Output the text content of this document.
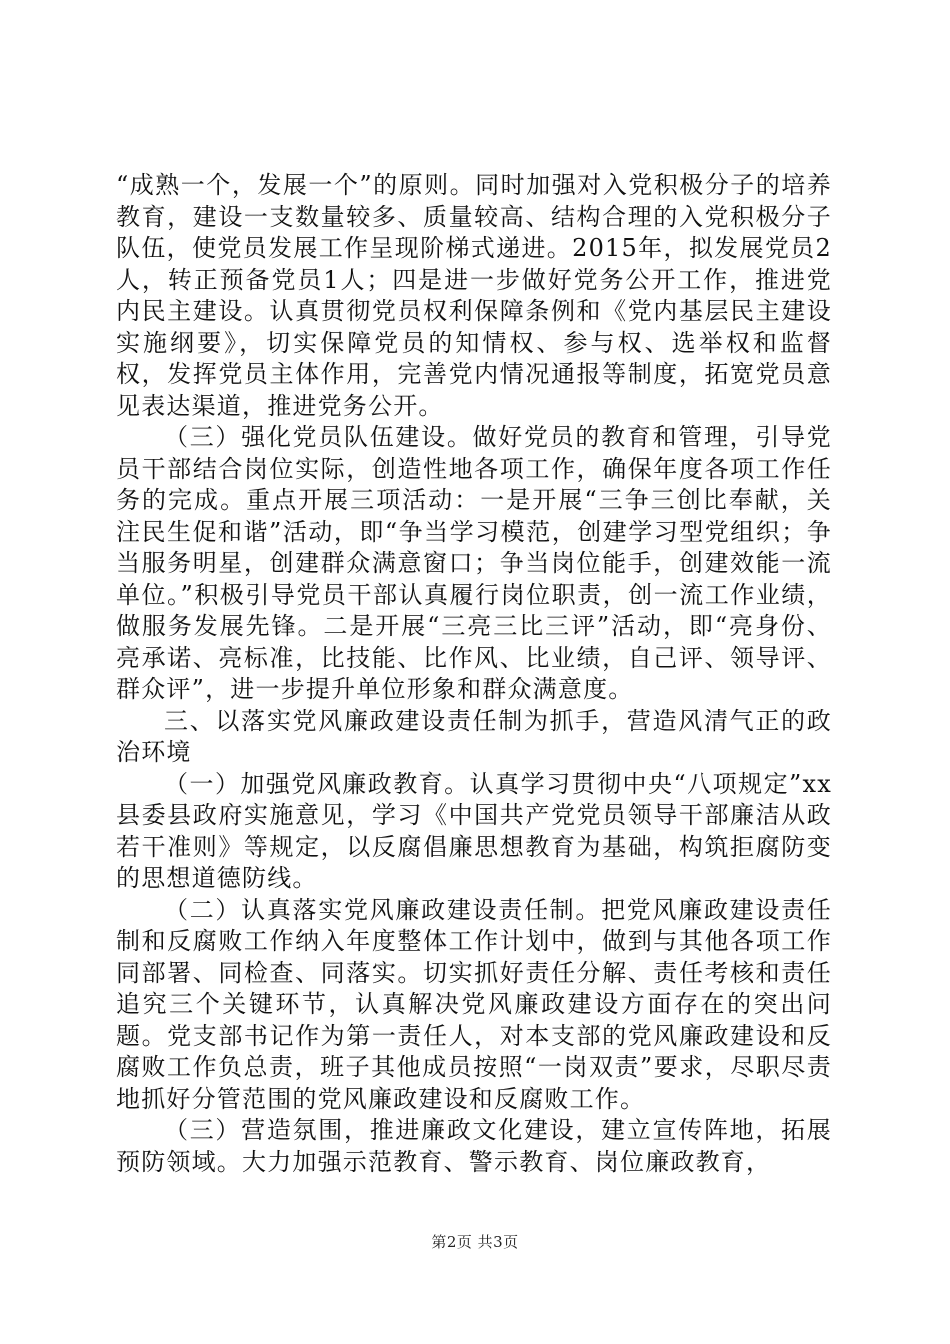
“成熟一个，发展一个”的原则。同时加强对入党积极分子的培养教育，建设一支数量较多、质量较高、结构合理的入党积极分子队伍，使党员发展工作呈现阶梯式递进。2015年，拟发展党员2人，转正预备党员1人；四是进一步做好党务公开工作，推进党内民主建设。认真贯彻党员权利保障条例和《党内基层民主建设实施纲要》，切实保障党员的知情权、参与权、选举权和监督权，发挥党员主体作用，完善党内情况通报等制度，拓宽党员意见表达渠道，推进党务公开。

（三）强化党员队伍建设。做好党员的教育和管理，引导党员干部结合岗位实际，创造性地各项工作，确保年度各项工作任务的完成。重点开展三项活动：一是开展“三争三创比奉献，关注民生促和谐”活动，即“争当学习模范，创建学习型党组织；争当服务明星，创建群众满意窗口；争当岗位能手，创建效能一流单位。”积极引导党员干部认真履行岗位职责，创一流工作业绩，做服务发展先锋。二是开展“三亮三比三评”活动，即“亮身份、亮承诺、亮标准，比技能、比作风、比业绩，自己评、领导评、群众评”，进一步提升单位形象和群众满意度。

三、以落实党风廉政建设责任制为抓手，营造风清气正的政治环境

（一）加强党风廉政教育。认真学习贯彻中央“八项规定”xx县委县政府实施意见，学习《中国共产党党员领导干部廉洁从政若干准则》等规定，以反腐倡廉思想教育为基础，构筑拒腐防变的思想道德防线。

（二）认真落实党风廉政建设责任制。把党风廉政建设责任制和反腐败工作纳入年度整体工作计划中，做到与其他各项工作同部署、同检查、同落实。切实抓好责任分解、责任考核和责任追究三个关键环节，认真解决党风廉政建设方面存在的突出问题。党支部书记作为第一责任人，对本支部的党风廉政建设和反腐败工作负总责，班子其他成员按照“一岗双责”要求，尽职尽责地抓好分管范围的党风廉政建设和反腐败工作。

（三）营造氛围，推进廉政文化建设，建立宣传阵地，拓展预防领域。大力加强示范教育、警示教育、岗位廉政教育，

第2页 共3页
